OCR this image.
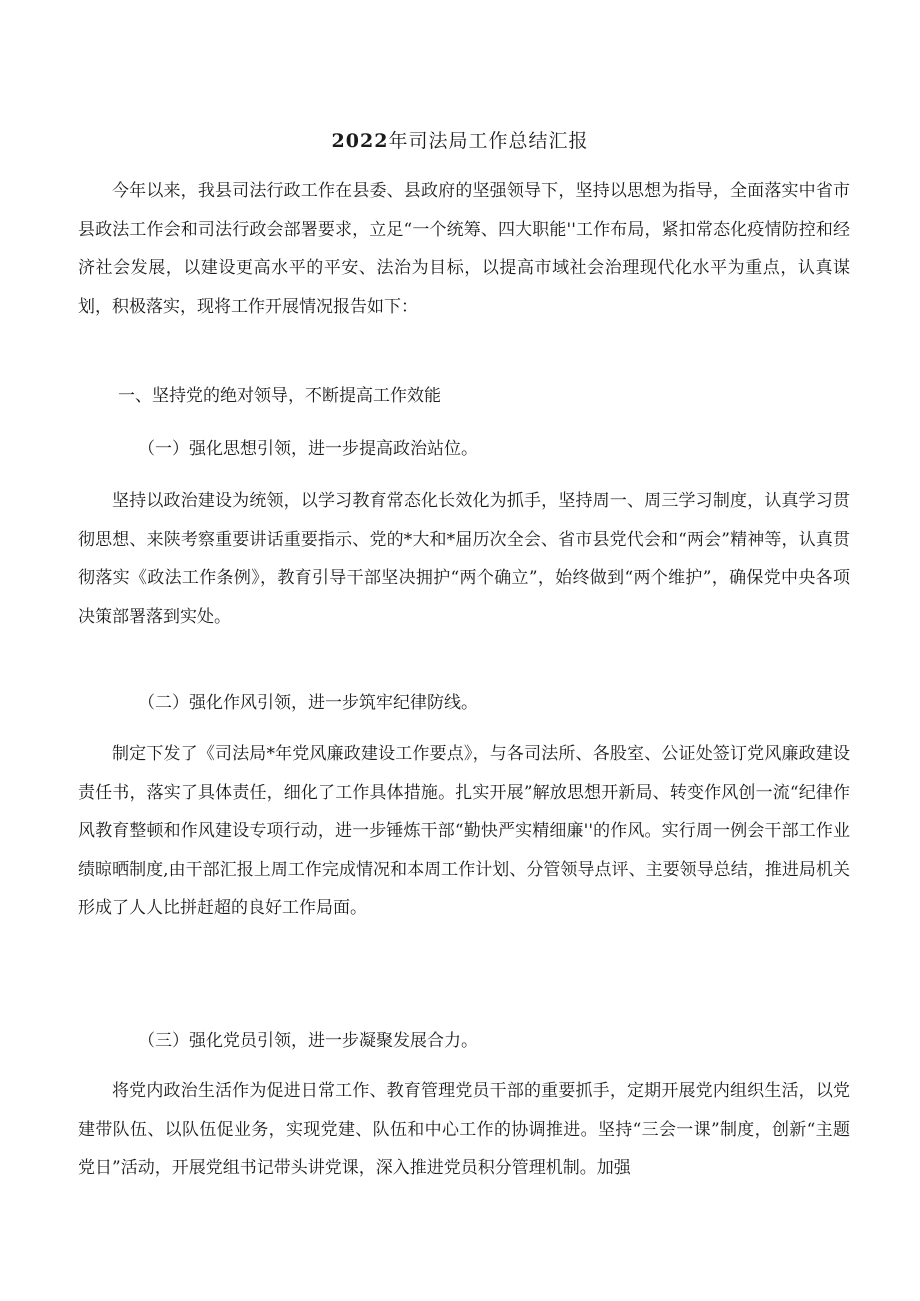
2022年司法局工作总结汇报

今年以来，我县司法行政工作在县委、县政府的坚强领导下，坚持以思想为指导，全面落实中省市县政法工作会和司法行政会部署要求，立足“一个统筹、四大职能''工作布局，紧扣常态化疫情防控和经济社会发展，以建设更高水平的平安、法治为目标，以提高市域社会治理现代化水平为重点，认真谋划，积极落实，现将工作开展情况报告如下：

一、坚持党的绝对领导，不断提高工作效能

（一）强化思想引领，进一步提高政治站位。

坚持以政治建设为统领，以学习教育常态化长效化为抓手，坚持周一、周三学习制度，认真学习贯彻思想、来陕考察重要讲话重要指示、党的*大和*届历次全会、省市县党代会和“两会”精神等，认真贯彻落实《政法工作条例》，教育引导干部坚决拥护“两个确立”，始终做到“两个维护”，确保党中央各项决策部署落到实处。

（二）强化作风引领，进一步筑牢纪律防线。

制定下发了《司法局*年党风廉政建设工作要点》，与各司法所、各股室、公证处签订党风廉政建设责任书，落实了具体责任，细化了工作具体措施。扎实开展”解放思想开新局、转变作风创一流“纪律作风教育整顿和作风建设专项行动，进一步锤炼干部“勤快严实精细廉''的作风。实行周一例会干部工作业绩晾晒制度,由干部汇报上周工作完成情况和本周工作计划、分管领导点评、主要领导总结，推进局机关形成了人人比拼赶超的良好工作局面。

（三）强化党员引领，进一步凝聚发展合力。

将党内政治生活作为促进日常工作、教育管理党员干部的重要抓手，定期开展党内组织生活，以党建带队伍、以队伍促业务，实现党建、队伍和中心工作的协调推进。坚持“三会一课”制度，创新“主题党日”活动，开展党组书记带头讲党课，深入推进党员积分管理机制。加强
